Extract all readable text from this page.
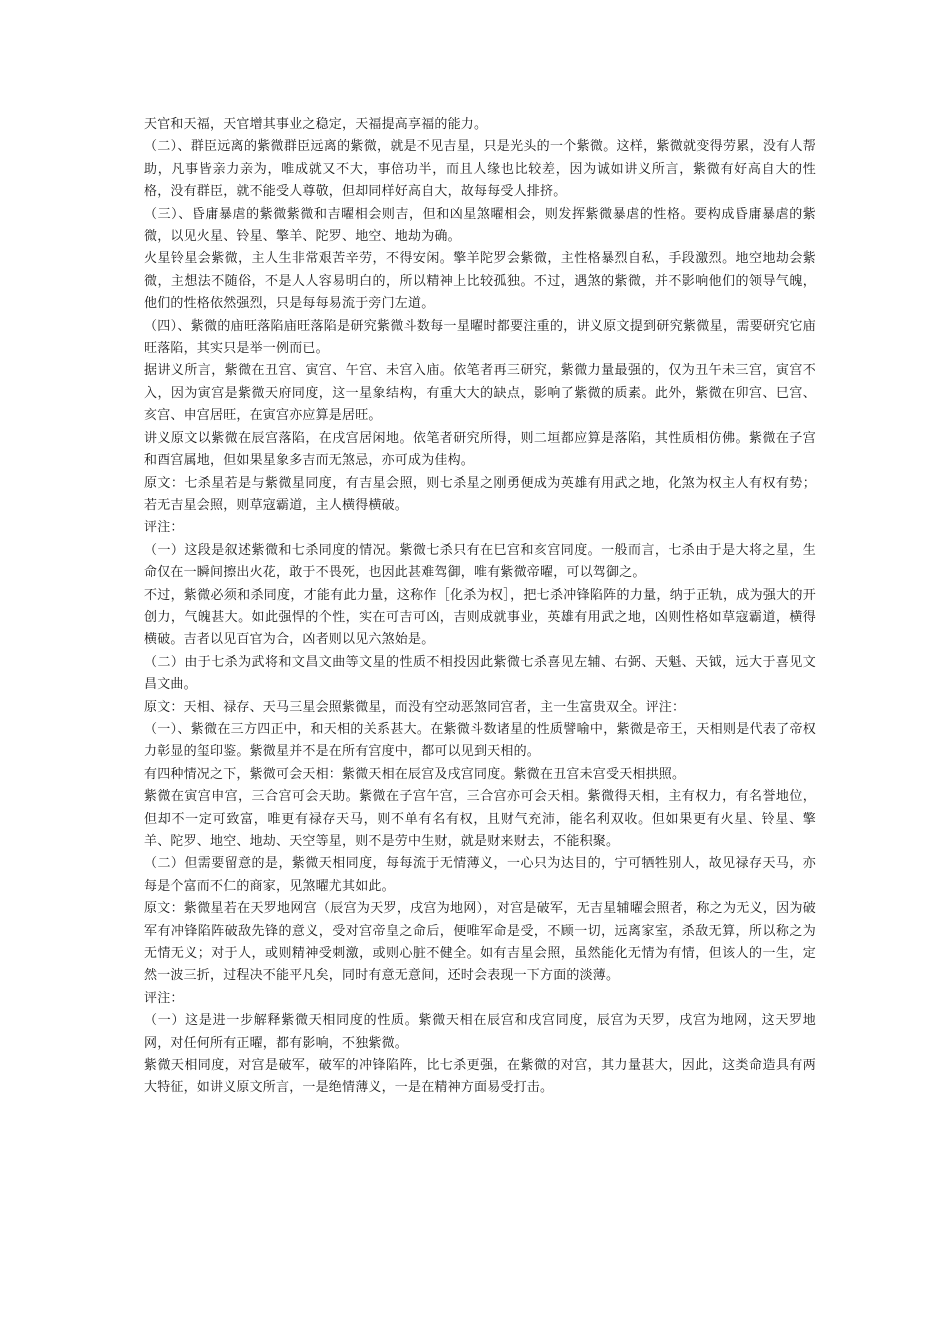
天官和天福，天官增其事业之稳定，天福提高享福的能力。

（二）、群臣远离的紫微群臣远离的紫微，就是不见吉星，只是光头的一个紫微。这样，紫微就变得劳累，没有人帮助，凡事皆亲力亲为，唯成就又不大，事倍功半，而且人缘也比较差，因为诚如讲义所言，紫微有好高自大的性格，没有群臣，就不能受人尊敬，但却同样好高自大，故每每受人排挤。

（三）、昏庸暴虐的紫微紫微和吉曜相会则吉，但和凶星煞曜相会，则发挥紫微暴虐的性格。要构成昏庸暴虐的紫微，以见火星、铃星、擎羊、陀罗、地空、地劫为确。

火星铃星会紫微，主人生非常艰苦辛劳，不得安闲。擎羊陀罗会紫微，主性格暴烈自私，手段激烈。地空地劫会紫微，主想法不随俗，不是人人容易明白的，所以精神上比较孤独。不过，遇煞的紫微，并不影响他们的领导气魄，他们的性格依然强烈，只是每每易流于旁门左道。

（四）、紫微的庙旺落陷庙旺落陷是研究紫微斗数每一星曜时都要注重的，讲义原文提到研究紫微星，需要研究它庙旺落陷，其实只是举一例而已。

据讲义所言，紫微在丑宫、寅宫、午宫、未宫入庙。依笔者再三研究，紫微力量最强的，仅为丑午未三宫，寅宫不入，因为寅宫是紫微天府同度，这一星象结构，有重大大的缺点，影响了紫微的质素。此外，紫微在卯宫、巳宫、亥宫、申宫居旺，在寅宫亦应算是居旺。

讲义原文以紫微在辰宫落陷，在戌宫居闲地。依笔者研究所得，则二垣都应算是落陷，其性质相仿佛。紫微在子宫和酉宫属地，但如果星象多吉而无煞忌，亦可成为佳构。

原文：七杀星若是与紫微星同度，有吉星会照，则七杀星之刚勇便成为英雄有用武之地，化煞为权主人有权有势；若无吉星会照，则草寇霸道，主人横得横破。

评注：

（一）这段是叙述紫微和七杀同度的情况。紫微七杀只有在巳宫和亥宫同度。一般而言，七杀由于是大将之星，生命仅在一瞬间擦出火花，敢于不畏死，也因此甚难驾御，唯有紫微帝曜，可以驾御之。

不过，紫微必须和杀同度，才能有此力量，这称作［化杀为权］，把七杀冲锋陷阵的力量，纳于正轨，成为强大的开创力，气魄甚大。如此强悍的个性，实在可吉可凶，吉则成就事业，英雄有用武之地，凶则性格如草寇霸道，横得横破。吉者以见百官为合，凶者则以见六煞始是。

（二）由于七杀为武将和文昌文曲等文星的性质不相投因此紫微七杀喜见左辅、右弼、天魁、天钺，远大于喜见文昌文曲。

原文：天相、禄存、天马三星会照紫微星，而没有空动恶煞同宫者，主一生富贵双全。评注：

（一）、紫微在三方四正中，和天相的关系甚大。在紫微斗数诸星的性质譬喻中，紫微是帝王，天相则是代表了帝权力彰显的玺印鉴。紫微星并不是在所有宫度中，都可以见到天相的。

有四种情况之下，紫微可会天相：紫微天相在辰宫及戌宫同度。紫微在丑宫未宫受天相拱照。

紫微在寅宫申宫，三合宫可会天助。紫微在子宫午宫，三合宫亦可会天相。紫微得天相，主有权力，有名誉地位，但却不一定可致富，唯更有禄存天马，则不单有名有权，且财气充沛，能名利双收。但如果更有火星、铃星、擎羊、陀罗、地空、地劫、天空等星，则不是劳中生财，就是财来财去，不能积聚。

（二）但需要留意的是，紫微天相同度，每每流于无情薄义，一心只为达目的，宁可牺牲别人，故见禄存天马，亦每是个富而不仁的商家，见煞曜尤其如此。

原文：紫微星若在天罗地网宫（辰宫为天罗，戌宫为地网），对宫是破军，无吉星辅曜会照者，称之为无义，因为破军有冲锋陷阵破敌先锋的意义，受对宫帝皇之命后，便唯军命是受，不顾一切，远离家室，杀敌无算，所以称之为无情无义；对于人，或则精神受刺激，或则心脏不健全。如有吉星会照，虽然能化无情为有情，但该人的一生，定然一波三折，过程决不能平凡矣，同时有意无意间，还时会表现一下方面的淡薄。

评注：

（一）这是进一步解释紫微天相同度的性质。紫微天相在辰宫和戌宫同度，辰宫为天罗，戌宫为地网，这天罗地网，对任何所有正曜，都有影响，不独紫微。

紫微天相同度，对宫是破军，破军的冲锋陷阵，比七杀更强，在紫微的对宫，其力量甚大，因此，这类命造具有两大特征，如讲义原文所言，一是绝情薄义，一是在精神方面易受打击。
